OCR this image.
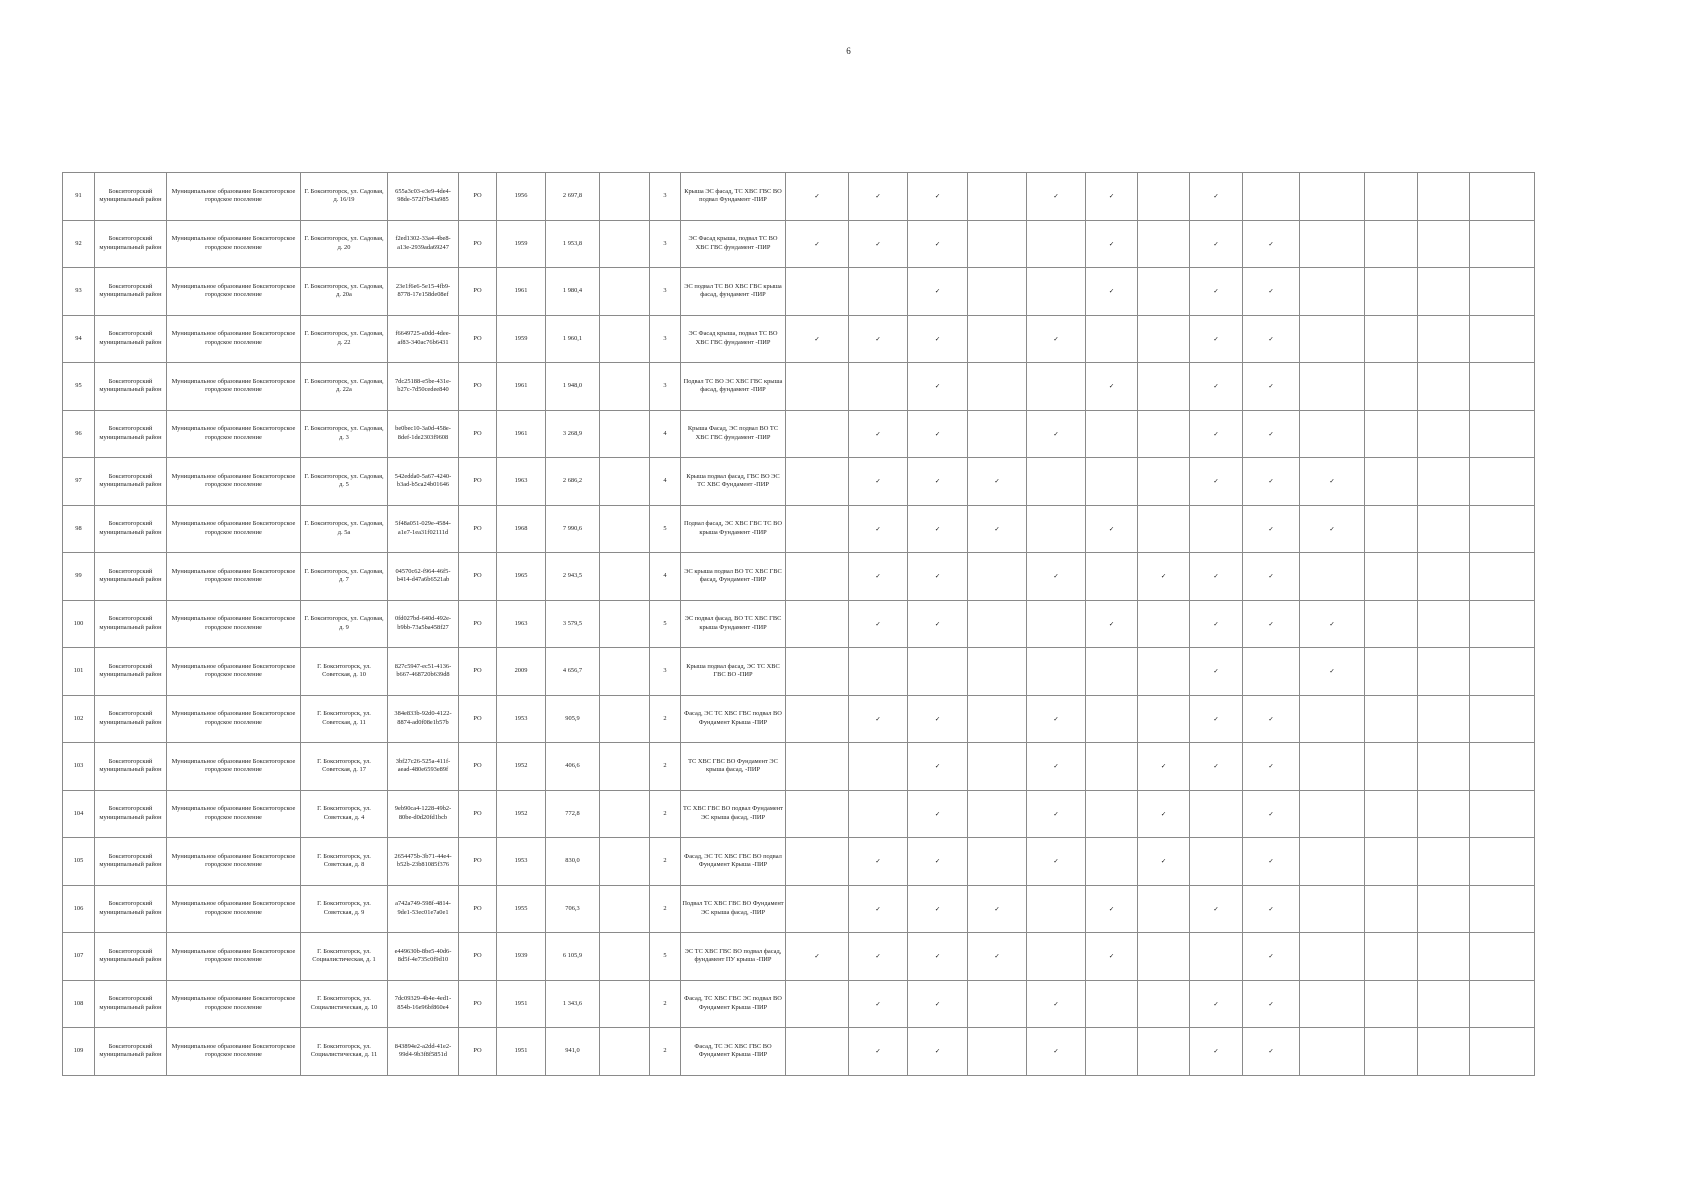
6
91	Бокситогорский муниципальный район	Муниципальное образование Бокситогорское городское поселение	Г. Бокситогорск, ул. Садовая, д. 16/19	655a3c03-e3e9-4de4-98de-572f7b43a985	РО	1956	2 697,8		3	Крыша ЭС фасад, ТС ХВС ГВС ВО подвал Фундамент -ПИР	✓	✓	✓		✓	✓		✓					
92	Бокситогорский муниципальный район	Муниципальное образование Бокситогорское городское поселение	Г. Бокситогорск, ул. Садовая, д. 20	f2ed1302-33a4-4be8-a13e-2939ada69247	РО	1959	1 953,8		3	ЭС Фасад крыша, подвал ТС ВО ХВС ГВС фундамент -ПИР	✓	✓	✓			✓		✓	✓				
93	Бокситогорский муниципальный район	Муниципальное образование Бокситогорское городское поселение	Г. Бокситогорск, ул. Садовая, д. 20а	23e1f6e6-5e15-4fb9-8778-17e158de08ef	РО	1961	1 980,4		3	ЭС подвал ТС ВО ХВС ГВС крыша фасад, фундамент -ПИР			✓			✓		✓	✓				
94	Бокситогорский муниципальный район	Муниципальное образование Бокситогорское городское поселение	Г. Бокситогорск, ул. Садовая, д. 22	f6649725-a0dd-4dee-af83-340ac76b6431	РО	1959	1 960,1		3	ЭС Фасад крыша, подвал ТС ВО ХВС ГВС фундамент -ПИР	✓	✓	✓		✓			✓	✓				
95	Бокситогорский муниципальный район	Муниципальное образование Бокситогорское городское поселение	Г. Бокситогорск, ул. Садовая, д. 22а	7dc25188-e5be-431e-b27c-7d50cedee840	РО	1961	1 948,0		3	Подвал ТС ВО ЭС ХВС ГВС крыша фасад, фундамент -ПИР			✓			✓		✓	✓				
96	Бокситогорский муниципальный район	Муниципальное образование Бокситогорское городское поселение	Г. Бокситогорск, ул. Садовая, д. 3	be0bec10-3a0d-458e-8def-1de2303f9608	РО	1961	3 268,9		4	Крыша Фасад, ЭС подвал ВО ТС ХВС ГВС фундамент -ПИР		✓	✓		✓			✓	✓				
97	Бокситогорский муниципальный район	Муниципальное образование Бокситогорское городское поселение	Г. Бокситогорск, ул. Садовая, д. 5	542edda0-5a67-4240-b3ad-b5ca24b01646	РО	1963	2 686,2		4	Крыша подвал фасад, ГВС ВО ЭС ТС ХВС Фундамент -ПИР		✓	✓	✓				✓	✓	✓			
98	Бокситогорский муниципальный район	Муниципальное образование Бокситогорское городское поселение	Г. Бокситогорск, ул. Садовая, д. 5а	5f48a051-029e-4584-a1e7-1ea31f02111d	РО	1968	7 990,6		5	Подвал фасад, ЭС ХВС ГВС ТС ВО крыша Фундамент -ПИР		✓	✓	✓		✓			✓	✓			
99	Бокситогорский муниципальный район	Муниципальное образование Бокситогорское городское поселение	Г. Бокситогорск, ул. Садовая, д. 7	04570c62-f964-46f5-b414-d47a6b6521ab	РО	1965	2 943,5		4	ЭС крыша подвал ВО ТС ХВС ГВС фасад, Фундамент -ПИР		✓	✓		✓		✓	✓	✓				
100	Бокситогорский муниципальный район	Муниципальное образование Бокситогорское городское поселение	Г. Бокситогорск, ул. Садовая, д. 9	0fd027bd-640d-492e-b9bb-73a5ba458f27	РО	1963	3 579,5		5	ЭС подвал фасад, ВО ТС ХВС ГВС крыша Фундамент -ПИР		✓	✓			✓		✓	✓	✓			
101	Бокситогорский муниципальный район	Муниципальное образование Бокситогорское городское поселение	Г. Бокситогорск, ул. Советская, д. 10	827c5947-ec51-4136-b667-468720b639d8	РО	2009	4 656,7		3	Крыша подвал фасад, ЭС ТС ХВС ГВС ВО -ПИР								✓		✓			
102	Бокситогорский муниципальный район	Муниципальное образование Бокситогорское городское поселение	Г. Бокситогорск, ул. Советская, д. 11	384e833b-92d0-4122-8874-ad0f08e1b57b	РО	1953	905,9		2	Фасад, ЭС ТС ХВС ГВС подвал ВО Фундамент Крыша -ПИР		✓	✓		✓			✓	✓				
103	Бокситогорский муниципальный район	Муниципальное образование Бокситогорское городское поселение	Г. Бокситогорск, ул. Советская, д. 17	3bf27c26-525a-411f-aead-480e6593e89f	РО	1952	406,6		2	ТС ХВС ГВС ВО Фундамент ЭС крыша фасад, -ПИР			✓		✓		✓	✓	✓				
104	Бокситогорский муниципальный район	Муниципальное образование Бокситогорское городское поселение	Г. Бокситогорск, ул. Советская, д. 4	9eb90ca4-1228-49b2-80be-d0d20fd1bcb	РО	1952	772,8		2	ТС ХВС ГВС ВО подвал Фундамент ЭС крыша фасад, -ПИР			✓		✓		✓		✓				
105	Бокситогорский муниципальный район	Муниципальное образование Бокситогорское городское поселение	Г. Бокситогорск, ул. Советская, д. 8	2654475b-3b71-44e4-b52b-23b81085f376	РО	1953	830,0		2	Фасад, ЭС ТС ХВС ГВС ВО подвал Фундамент Крыша -ПИР		✓	✓		✓		✓		✓				
106	Бокситогорский муниципальный район	Муниципальное образование Бокситогорское городское поселение	Г. Бокситогорск, ул. Советская, д. 9	a742a749-598f-4814-9de1-53ec01e7a0e1	РО	1955	706,3		2	Подвал ТС ХВС ГВС ВО Фундамент ЭС крыша фасад, -ПИР		✓	✓	✓		✓		✓	✓				
107	Бокситогорский муниципальный район	Муниципальное образование Бокситогорское городское поселение	Г. Бокситогорск, ул. Социалистическая, д. 1	e449630b-8be5-40d6-8d5f-4e735c0f9d10	РО	1939	6 105,9		5	ЭС ТС ХВС ГВС ВО подвал фасад, фундамент ПУ крыша -ПИР	✓	✓	✓	✓		✓			✓				
108	Бокситогорский муниципальный район	Муниципальное образование Бокситогорское городское поселение	Г. Бокситогорск, ул. Социалистическая, д. 10	7dc09329-4b4e-4ed1-854b-16e96bf860e4	РО	1951	1 343,6		2	Фасад, ТС ХВС ГВС ЭС подвал ВО Фундамент Крыша -ПИР		✓	✓		✓			✓	✓				
109	Бокситогорский муниципальный район	Муниципальное образование Бокситогорское городское поселение	Г. Бокситогорск, ул. Социалистическая, д. 11	843894e2-a2dd-41e2-99d4-9b3f8f5851d	РО	1951	941,0		2	Фасад, ТС ЭС ХВС ГВС ВО Фундамент Крыша -ПИР		✓	✓		✓			✓	✓				
